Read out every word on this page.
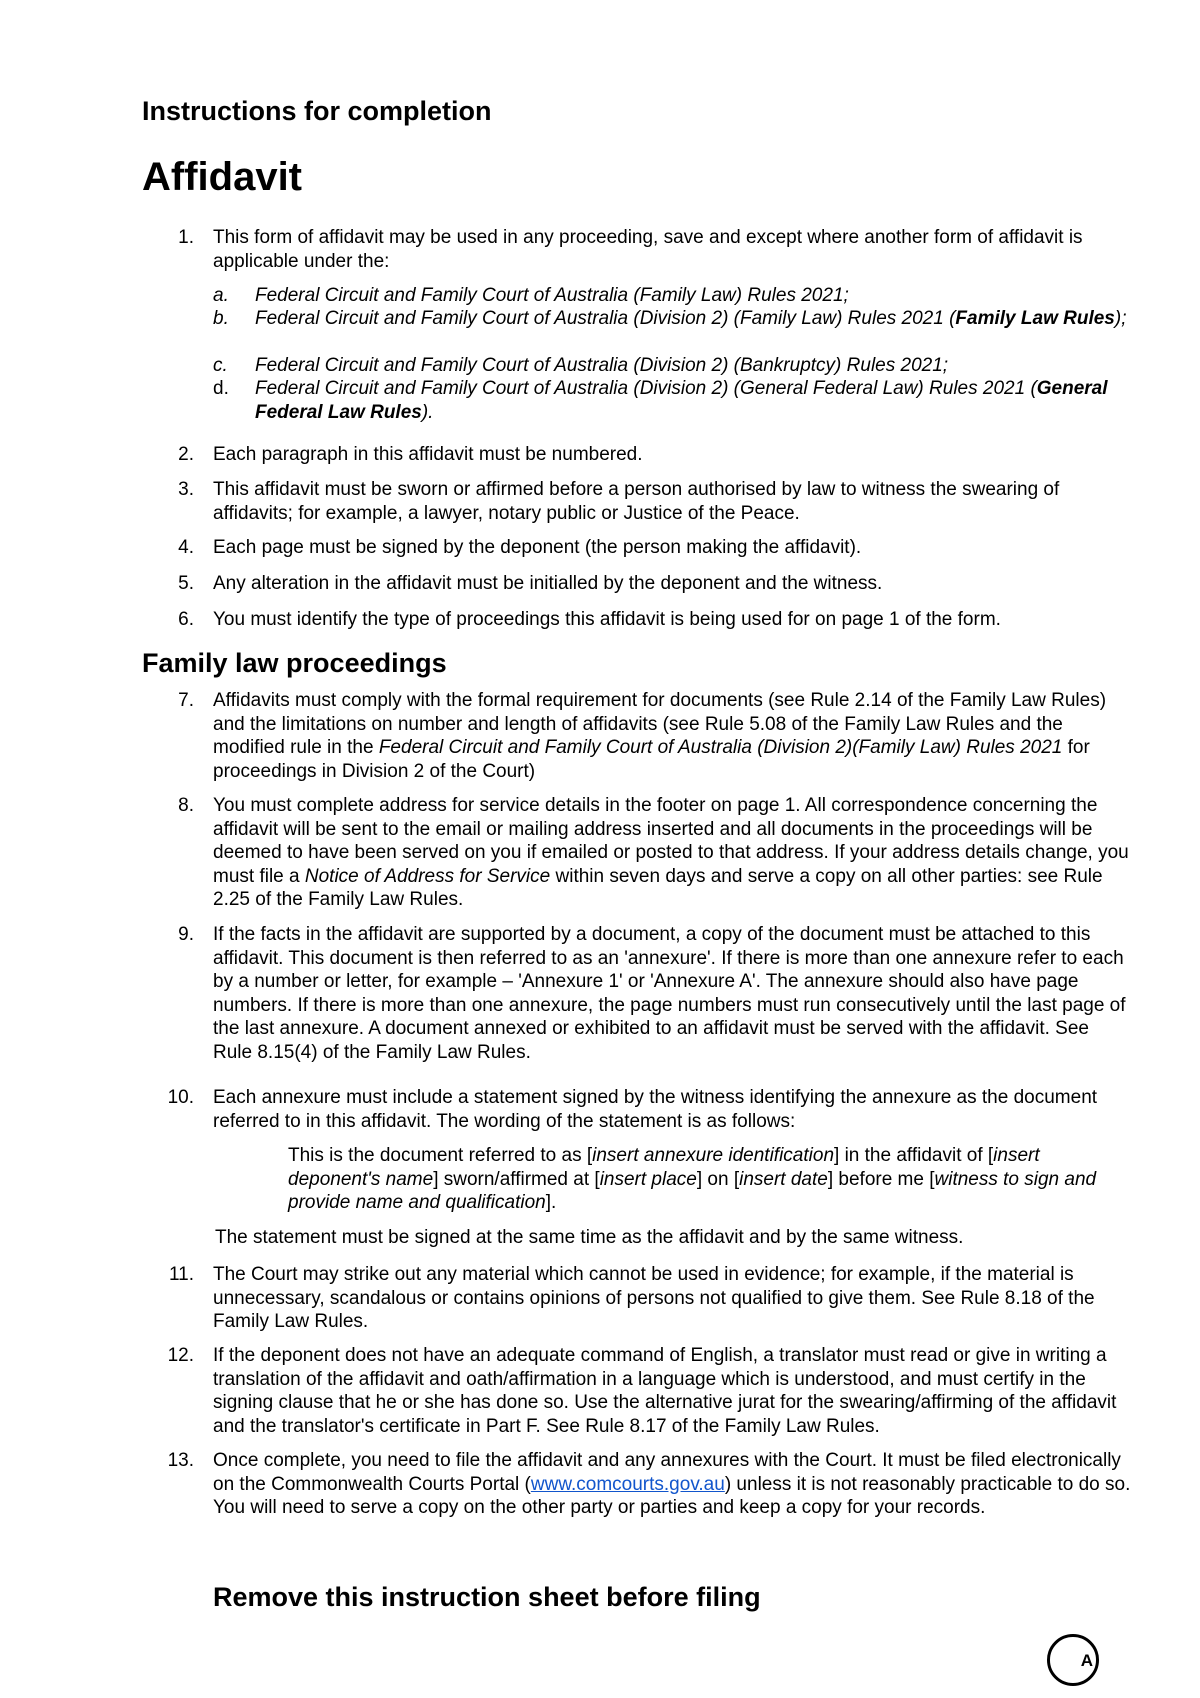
Instructions for completion
Affidavit
1. This form of affidavit may be used in any proceeding, save and except where another form of affidavit is applicable under the:
a.	Federal Circuit and Family Court of Australia (Family Law) Rules 2021;
b.	Federal Circuit and Family Court of Australia (Division 2) (Family Law) Rules 2021 (Family Law Rules);
c.	Federal Circuit and Family Court of Australia (Division 2) (Bankruptcy) Rules 2021;
d.	Federal Circuit and Family Court of Australia (Division 2) (General Federal Law) Rules 2021 (General Federal Law Rules).
2. Each paragraph in this affidavit must be numbered.
3. This affidavit must be sworn or affirmed before a person authorised by law to witness the swearing of affidavits; for example, a lawyer, notary public or Justice of the Peace.
4. Each page must be signed by the deponent (the person making the affidavit).
5. Any alteration in the affidavit must be initialled by the deponent and the witness.
6. You must identify the type of proceedings this affidavit is being used for on page 1 of the form.
Family law proceedings
7. Affidavits must comply with the formal requirement for documents (see Rule 2.14 of the Family Law Rules) and the limitations on number and length of affidavits (see Rule 5.08 of the Family Law Rules and the modified rule in the Federal Circuit and Family Court of Australia (Division 2)(Family Law) Rules 2021 for proceedings in Division 2 of the Court)
8. You must complete address for service details in the footer on page 1. All correspondence concerning the affidavit will be sent to the email or mailing address inserted and all documents in the proceedings will be deemed to have been served on you if emailed or posted to that address. If your address details change, you must file a Notice of Address for Service within seven days and serve a copy on all other parties: see Rule 2.25 of the Family Law Rules.
9. If the facts in the affidavit are supported by a document, a copy of the document must be attached to this affidavit. This document is then referred to as an 'annexure'. If there is more than one annexure refer to each by a number or letter, for example – 'Annexure 1' or 'Annexure A'. The annexure should also have page numbers. If there is more than one annexure, the page numbers must run consecutively until the last page of the last annexure. A document annexed or exhibited to an affidavit must be served with the affidavit. See Rule 8.15(4) of the Family Law Rules.
10. Each annexure must include a statement signed by the witness identifying the annexure as the document referred to in this affidavit. The wording of the statement is as follows:
This is the document referred to as [insert annexure identification] in the affidavit of [insert deponent's name] sworn/affirmed at [insert place] on [insert date] before me [witness to sign and provide name and qualification].
The statement must be signed at the same time as the affidavit and by the same witness.
11. The Court may strike out any material which cannot be used in evidence; for example, if the material is unnecessary, scandalous or contains opinions of persons not qualified to give them. See Rule 8.18 of the Family Law Rules.
12. If the deponent does not have an adequate command of English, a translator must read or give in writing a translation of the affidavit and oath/affirmation in a language which is understood, and must certify in the signing clause that he or she has done so. Use the alternative jurat for the swearing/affirming of the affidavit and the translator's certificate in Part F. See Rule 8.17 of the Family Law Rules.
13. Once complete, you need to file the affidavit and any annexures with the Court. It must be filed electronically on the Commonwealth Courts Portal (www.comcourts.gov.au) unless it is not reasonably practicable to do so. You will need to serve a copy on the other party or parties and keep a copy for your records.
Remove this instruction sheet before filing
A
